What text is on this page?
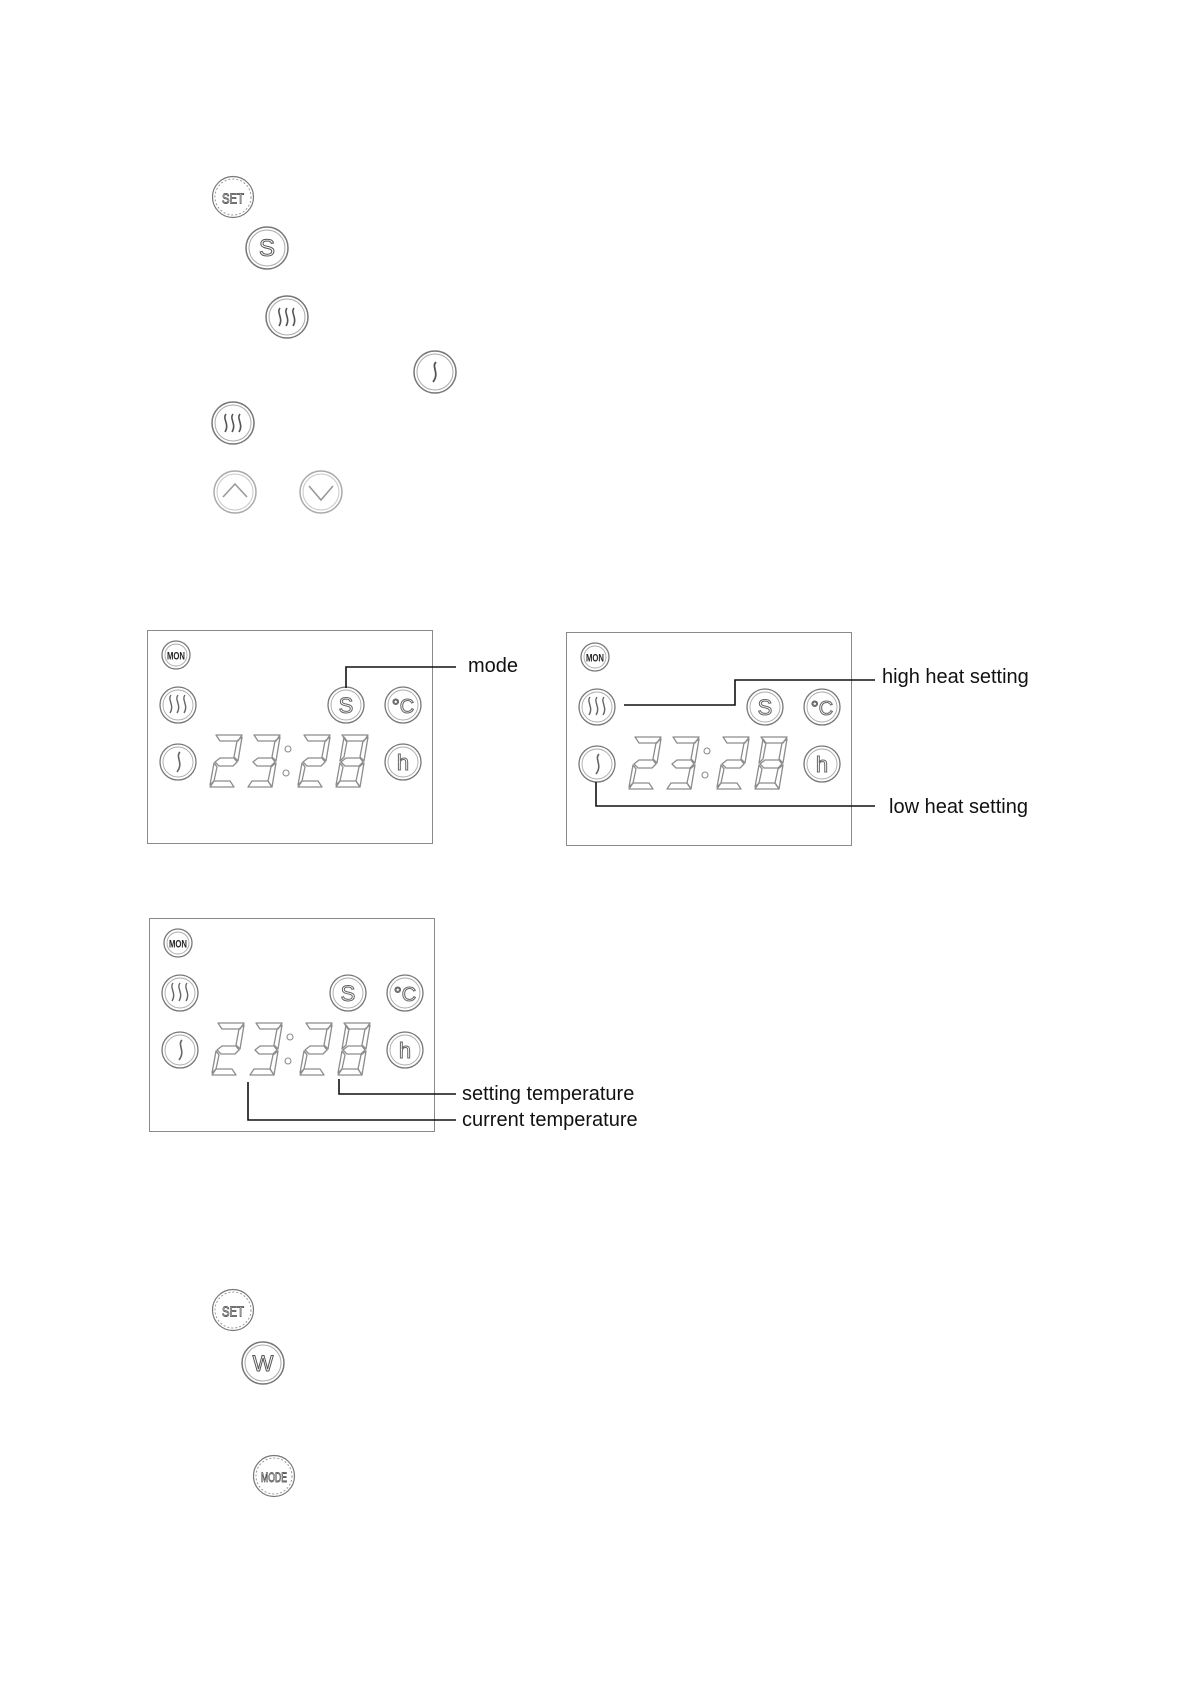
SET
S
MON
S °C
h
MON
S °C
h
MON
S °C
h
mode	high heat setting
low heat setting
setting temperature
current temperature
SET
W
MODE
